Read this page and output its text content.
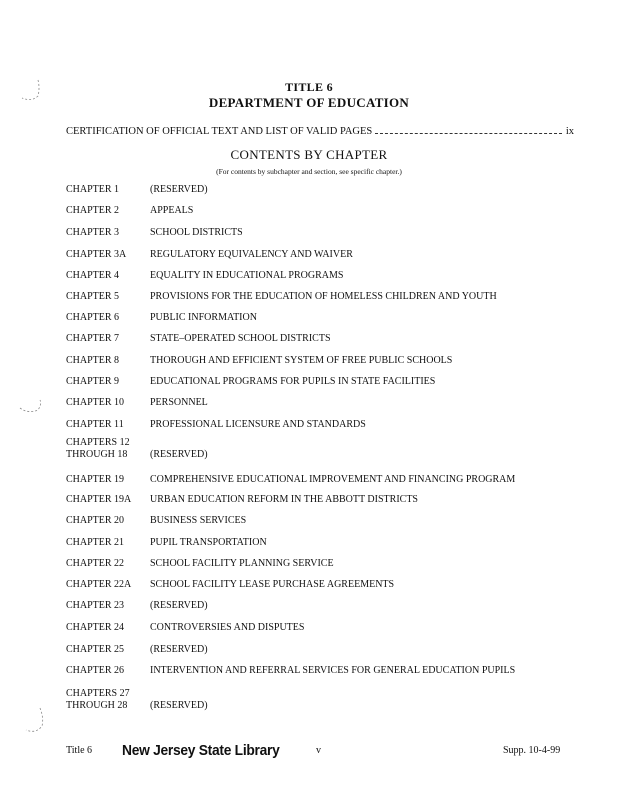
TITLE 6
DEPARTMENT OF EDUCATION
CERTIFICATION OF OFFICIAL TEXT AND LIST OF VALID PAGES	ix
CONTENTS BY CHAPTER
(For contents by subchapter and section, see specific chapter.)
CHAPTER 1	(RESERVED)
CHAPTER 2	APPEALS
CHAPTER 3	SCHOOL DISTRICTS
CHAPTER 3A	REGULATORY EQUIVALENCY AND WAIVER
CHAPTER 4	EQUALITY IN EDUCATIONAL PROGRAMS
CHAPTER 5	PROVISIONS FOR THE EDUCATION OF HOMELESS CHILDREN AND YOUTH
CHAPTER 6	PUBLIC INFORMATION
CHAPTER 7	STATE–OPERATED SCHOOL DISTRICTS
CHAPTER 8	THOROUGH AND EFFICIENT SYSTEM OF FREE PUBLIC SCHOOLS
CHAPTER 9	EDUCATIONAL PROGRAMS FOR PUPILS IN STATE FACILITIES
CHAPTER 10	PERSONNEL
CHAPTER 11	PROFESSIONAL LICENSURE AND STANDARDS
CHAPTERS 12
THROUGH 18	(RESERVED)
CHAPTER 19	COMPREHENSIVE EDUCATIONAL IMPROVEMENT AND FINANCING PROGRAM
CHAPTER 19A	URBAN EDUCATION REFORM IN THE ABBOTT DISTRICTS
CHAPTER 20	BUSINESS SERVICES
CHAPTER 21	PUPIL TRANSPORTATION
CHAPTER 22	SCHOOL FACILITY PLANNING SERVICE
CHAPTER 22A	SCHOOL FACILITY LEASE PURCHASE AGREEMENTS
CHAPTER 23	(RESERVED)
CHAPTER 24	CONTROVERSIES AND DISPUTES
CHAPTER 25	(RESERVED)
CHAPTER 26	INTERVENTION AND REFERRAL SERVICES FOR GENERAL EDUCATION PUPILS
CHAPTERS 27
THROUGH 28	(RESERVED)
Title 6 New Jersey State Library	v	Supp. 10-4-99
